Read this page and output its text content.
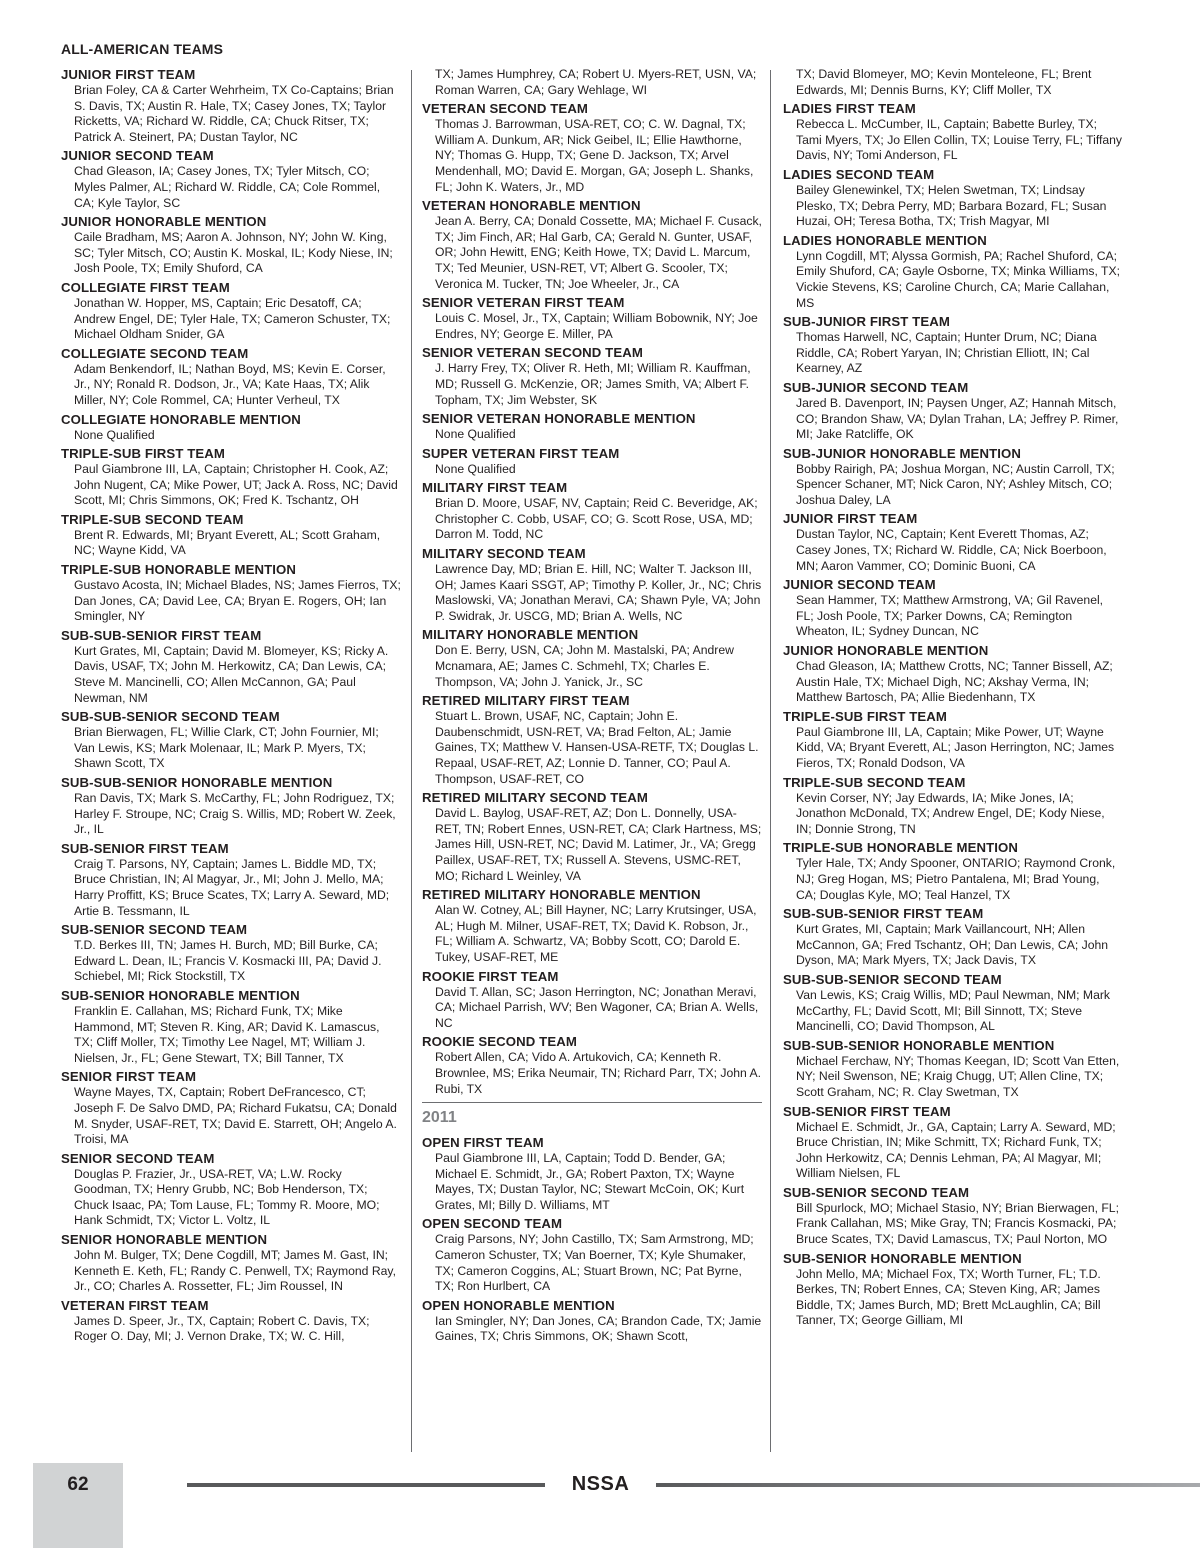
ALL-AMERICAN TEAMS
JUNIOR FIRST TEAM

Brian Foley, CA & Carter Wehrheim, TX Co-Captains; Brian S. Davis, TX; Austin R. Hale, TX; Casey Jones, TX; Taylor Ricketts, VA; Richard W. Riddle, CA; Chuck Ritser, TX; Patrick A. Steinert, PA; Dustan Taylor, NC

JUNIOR SECOND TEAM

Chad Gleason, IA; Casey Jones, TX; Tyler Mitsch, CO; Myles Palmer, AL; Richard W. Riddle, CA; Cole Rommel, CA; Kyle Taylor, SC

JUNIOR HONORABLE MENTION

Caile Bradham, MS; Aaron A. Johnson, NY; John W. King, SC; Tyler Mitsch, CO; Austin K. Moskal, IL; Kody Niese, IN; Josh Poole, TX; Emily Shuford, CA

COLLEGIATE FIRST TEAM

Jonathan W. Hopper, MS, Captain; Eric Desatoff, CA; Andrew Engel, DE; Tyler Hale, TX; Cameron Schuster, TX; Michael Oldham Snider, GA

COLLEGIATE SECOND TEAM

Adam Benkendorf, IL; Nathan Boyd, MS; Kevin E. Corser, Jr., NY; Ronald R. Dodson, Jr., VA; Kate Haas, TX; Alik Miller, NY; Cole Rommel, CA; Hunter Verheul, TX

COLLEGIATE HONORABLE MENTION

None Qualified

TRIPLE-SUB FIRST TEAM

Paul Giambrone III, LA, Captain; Christopher H. Cook, AZ; John Nugent, CA; Mike Power, UT; Jack A. Ross, NC; David Scott, MI; Chris Simmons, OK; Fred K. Tschantz, OH

TRIPLE-SUB SECOND TEAM

Brent R. Edwards, MI; Bryant Everett, AL; Scott Graham, NC; Wayne Kidd, VA

TRIPLE-SUB HONORABLE MENTION

Gustavo Acosta, IN; Michael Blades, NS; James Fierros, TX; Dan Jones, CA; David Lee, CA; Bryan E. Rogers, OH; Ian Smingler, NY

SUB-SUB-SENIOR FIRST TEAM

Kurt Grates, MI, Captain; David M. Blomeyer, KS; Ricky A. Davis, USAF, TX; John M. Herkowitz, CA; Dan Lewis, CA; Steve M. Mancinelli, CO; Allen McCannon, GA; Paul Newman, NM

SUB-SUB-SENIOR SECOND TEAM

Brian Bierwagen, FL; Willie Clark, CT; John Fournier, MI; Van Lewis, KS; Mark Molenaar, IL; Mark P. Myers, TX; Shawn Scott, TX

SUB-SUB-SENIOR HONORABLE MENTION

Ran Davis, TX; Mark S. McCarthy, FL; John Rodriguez, TX; Harley F. Stroupe, NC; Craig S. Willis, MD; Robert W. Zeek, Jr., IL

SUB-SENIOR FIRST TEAM

Craig T. Parsons, NY, Captain; James L. Biddle MD, TX; Bruce Christian, IN; Al Magyar, Jr., MI; John J. Mello, MA; Harry Proffitt, KS; Bruce Scates, TX; Larry A. Seward, MD; Artie B. Tessmann, IL

SUB-SENIOR SECOND TEAM

T.D. Berkes III, TN; James H. Burch, MD; Bill Burke, CA; Edward L. Dean, IL; Francis V. Kosmacki III, PA; David J. Schiebel, MI; Rick Stockstill, TX

SUB-SENIOR HONORABLE MENTION

Franklin E. Callahan, MS; Richard Funk, TX; Mike Hammond, MT; Steven R. King, AR; David K. Lamascus, TX; Cliff Moller, TX; Timothy Lee Nagel, MT; William J. Nielsen, Jr., FL; Gene Stewart, TX; Bill Tanner, TX

SENIOR FIRST TEAM

Wayne Mayes, TX, Captain; Robert DeFrancesco, CT; Joseph F. De Salvo DMD, PA; Richard Fukatsu, CA; Donald M. Snyder, USAF-RET, TX; David E. Starrett, OH; Angelo A. Troisi, MA

SENIOR SECOND TEAM

Douglas P. Frazier, Jr., USA-RET, VA; L.W. Rocky Goodman, TX; Henry Grubb, NC; Bob Henderson, TX; Chuck Isaac, PA; Tom Lause, FL; Tommy R. Moore, MO; Hank Schmidt, TX; Victor L. Voltz, IL

SENIOR HONORABLE MENTION

John M. Bulger, TX; Dene Cogdill, MT; James M. Gast, IN; Kenneth E. Keth, FL; Randy C. Penwell, TX; Raymond Ray, Jr., CO; Charles A. Rossetter, FL; Jim Roussel, IN

VETERAN FIRST TEAM

James D. Speer, Jr., TX, Captain; Robert C. Davis, TX; Roger O. Day, MI; J. Vernon Drake, TX; W. C. Hill,

TX; James Humphrey, CA; Robert U. Myers-RET, USN, VA; Roman Warren, CA; Gary Wehlage, WI

VETERAN SECOND TEAM

Thomas J. Barrowman, USA-RET, CO; C. W. Dagnal, TX; William A. Dunkum, AR; Nick Geibel, IL; Ellie Hawthorne, NY; Thomas G. Hupp, TX; Gene D. Jackson, TX; Arvel Mendenhall, MO; David E. Morgan, GA; Joseph L. Shanks, FL; John K. Waters, Jr., MD

VETERAN HONORABLE MENTION

Jean A. Berry, CA; Donald Cossette, MA; Michael F. Cusack, TX; Jim Finch, AR; Hal Garb, CA; Gerald N. Gunter, USAF, OR; John Hewitt, ENG; Keith Howe, TX; David L. Marcum, TX; Ted Meunier, USN-RET, VT; Albert G. Scooler, TX; Veronica M. Tucker, TN; Joe Wheeler, Jr., CA

SENIOR VETERAN FIRST TEAM

Louis C. Mosel, Jr., TX, Captain; William Bobownik, NY; Joe Endres, NY; George E. Miller, PA

SENIOR VETERAN SECOND TEAM

J. Harry Frey, TX; Oliver R. Heth, MI; William R. Kauffman, MD; Russell G. McKenzie, OR; James Smith, VA; Albert F. Topham, TX; Jim Webster, SK

SENIOR VETERAN HONORABLE MENTION

None Qualified

SUPER VETERAN FIRST TEAM

None Qualified

MILITARY FIRST TEAM

Brian D. Moore, USAF, NV, Captain; Reid C. Beveridge, AK; Christopher C. Cobb, USAF, CO; G. Scott Rose, USA, MD; Darron M. Todd, NC

MILITARY SECOND TEAM

Lawrence Day, MD; Brian E. Hill, NC; Walter T. Jackson III, OH; James Kaari SSGT, AP; Timothy P. Koller, Jr., NC; Chris Maslowski, VA; Jonathan Meravi, CA; Shawn Pyle, VA; John P. Swidrak, Jr. USCG, MD; Brian A. Wells, NC

MILITARY HONORABLE MENTION

Don E. Berry, USN, CA; John M. Mastalski, PA; Andrew Mcnamara, AE; James C. Schmehl, TX; Charles E. Thompson, VA; John J. Yanick, Jr., SC

RETIRED MILITARY FIRST TEAM

Stuart L. Brown, USAF, NC, Captain; John E. Daubenschmidt, USN-RET, VA; Brad Felton, AL; Jamie Gaines, TX; Matthew V. Hansen-USA-RETF, TX; Douglas L. Repaal, USAF-RET, AZ; Lonnie D. Tanner, CO; Paul A. Thompson, USAF-RET, CO

RETIRED MILITARY SECOND TEAM

David L. Baylog, USAF-RET, AZ; Don L. Donnelly, USA-RET, TN; Robert Ennes, USN-RET, CA; Clark Hartness, MS; James Hill, USN-RET, NC; David M. Latimer, Jr., VA; Gregg Paillex, USAF-RET, TX; Russell A. Stevens, USMC-RET, MO; Richard L Weinley, VA

RETIRED MILITARY HONORABLE MENTION

Alan W. Cotney, AL; Bill Hayner, NC; Larry Krutsinger, USA, AL; Hugh M. Milner, USAF-RET, TX; David K. Robson, Jr., FL; William A. Schwartz, VA; Bobby Scott, CO; Darold E. Tukey, USAF-RET, ME

ROOKIE FIRST TEAM

David T. Allan, SC; Jason Herrington, NC; Jonathan Meravi, CA; Michael Parrish, WV; Ben Wagoner, CA; Brian A. Wells, NC

ROOKIE SECOND TEAM

Robert Allen, CA; Vido A. Artukovich, CA; Kenneth R. Brownlee, MS; Erika Neumair, TN; Richard Parr, TX; John A. Rubi, TX

2011
OPEN FIRST TEAM

Paul Giambrone III, LA, Captain; Todd D. Bender, GA; Michael E. Schmidt, Jr., GA; Robert Paxton, TX; Wayne Mayes, TX; Dustan Taylor, NC; Stewart McCoin, OK; Kurt Grates, MI; Billy D. Williams, MT

OPEN SECOND TEAM

Craig Parsons, NY; John Castillo, TX; Sam Armstrong, MD; Cameron Schuster, TX; Van Boerner, TX; Kyle Shumaker, TX; Cameron Coggins, AL; Stuart Brown, NC; Pat Byrne, TX; Ron Hurlbert, CA

OPEN HONORABLE MENTION

Ian Smingler, NY; Dan Jones, CA; Brandon Cade, TX; Jamie Gaines, TX; Chris Simmons, OK; Shawn Scott,

TX; David Blomeyer, MO; Kevin Monteleone, FL; Brent Edwards, MI; Dennis Burns, KY; Cliff Moller, TX

LADIES FIRST TEAM

Rebecca L. McCumber, IL, Captain; Babette Burley, TX; Tami Myers, TX; Jo Ellen Collin, TX; Louise Terry, FL; Tiffany Davis, NY; Tomi Anderson, FL

LADIES SECOND TEAM

Bailey Glenewinkel, TX; Helen Swetman, TX; Lindsay Plesko, TX; Debra Perry, MD; Barbara Bozard, FL; Susan Huzai, OH; Teresa Botha, TX; Trish Magyar, MI

LADIES HONORABLE MENTION

Lynn Cogdill, MT; Alyssa Gormish, PA; Rachel Shuford, CA; Emily Shuford, CA; Gayle Osborne, TX; Minka Williams, TX; Vickie Stevens, KS; Caroline Church, CA; Marie Callahan, MS

SUB-JUNIOR FIRST TEAM

Thomas Harwell, NC, Captain; Hunter Drum, NC; Diana Riddle, CA; Robert Yaryan, IN; Christian Elliott, IN; Cal Kearney, AZ

SUB-JUNIOR SECOND TEAM

Jared B. Davenport, IN; Paysen Unger, AZ; Hannah Mitsch, CO; Brandon Shaw, VA; Dylan Trahan, LA; Jeffrey P. Rimer, MI; Jake Ratcliffe, OK

SUB-JUNIOR HONORABLE MENTION

Bobby Rairigh, PA; Joshua Morgan, NC; Austin Carroll, TX; Spencer Schaner, MT; Nick Caron, NY; Ashley Mitsch, CO; Joshua Daley, LA

JUNIOR FIRST TEAM

Dustan Taylor, NC, Captain; Kent Everett Thomas, AZ; Casey Jones, TX; Richard W. Riddle, CA; Nick Boerboon, MN; Aaron Vammer, CO; Dominic Buoni, CA

JUNIOR SECOND TEAM

Sean Hammer, TX; Matthew Armstrong, VA; Gil Ravenel, FL; Josh Poole, TX; Parker Downs, CA; Remington Wheaton, IL; Sydney Duncan, NC

JUNIOR HONORABLE MENTION

Chad Gleason, IA; Matthew Crotts, NC; Tanner Bissell, AZ; Austin Hale, TX; Michael Digh, NC; Akshay Verma, IN; Matthew Bartosch, PA; Allie Biedenhann, TX

TRIPLE-SUB FIRST TEAM

Paul Giambrone III, LA, Captain; Mike Power, UT; Wayne Kidd, VA; Bryant Everett, AL; Jason Herrington, NC; James Fieros, TX; Ronald Dodson, VA

TRIPLE-SUB SECOND TEAM

Kevin Corser, NY; Jay Edwards, IA; Mike Jones, IA; Jonathon McDonald, TX; Andrew Engel, DE; Kody Niese, IN; Donnie Strong, TN

TRIPLE-SUB HONORABLE MENTION

Tyler Hale, TX; Andy Spooner, ONTARIO; Raymond Cronk, NJ; Greg Hogan, MS; Pietro Pantalena, MI; Brad Young, CA; Douglas Kyle, MO; Teal Hanzel, TX

SUB-SUB-SENIOR FIRST TEAM

Kurt Grates, MI, Captain; Mark Vaillancourt, NH; Allen McCannon, GA; Fred Tschantz, OH; Dan Lewis, CA; John Dyson, MA; Mark Myers, TX; Jack Davis, TX

SUB-SUB-SENIOR SECOND TEAM

Van Lewis, KS; Craig Willis, MD; Paul Newman, NM; Mark McCarthy, FL; David Scott, MI; Bill Sinnott, TX; Steve Mancinelli, CO; David Thompson, AL

SUB-SUB-SENIOR HONORABLE MENTION

Michael Ferchaw, NY; Thomas Keegan, ID; Scott Van Etten, NY; Neil Swenson, NE; Kraig Chugg, UT; Allen Cline, TX; Scott Graham, NC; R. Clay Swetman, TX

SUB-SENIOR FIRST TEAM

Michael E. Schmidt, Jr., GA, Captain; Larry A. Seward, MD; Bruce Christian, IN; Mike Schmitt, TX; Richard Funk, TX; John Herkowitz, CA; Dennis Lehman, PA; Al Magyar, MI; William Nielsen, FL

SUB-SENIOR SECOND TEAM

Bill Spurlock, MO; Michael Stasio, NY; Brian Bierwagen, FL; Frank Callahan, MS; Mike Gray, TN; Francis Kosmacki, PA; Bruce Scates, TX; David Lamascus, TX; Paul Norton, MO

SUB-SENIOR HONORABLE MENTION

John Mello, MA; Michael Fox, TX; Worth Turner, FL; T.D. Berkes, TN; Robert Ennes, CA; Steven King, AR; James Biddle, TX; James Burch, MD; Brett McLaughlin, CA; Bill Tanner, TX; George Gilliam, MI

62	NSSA
